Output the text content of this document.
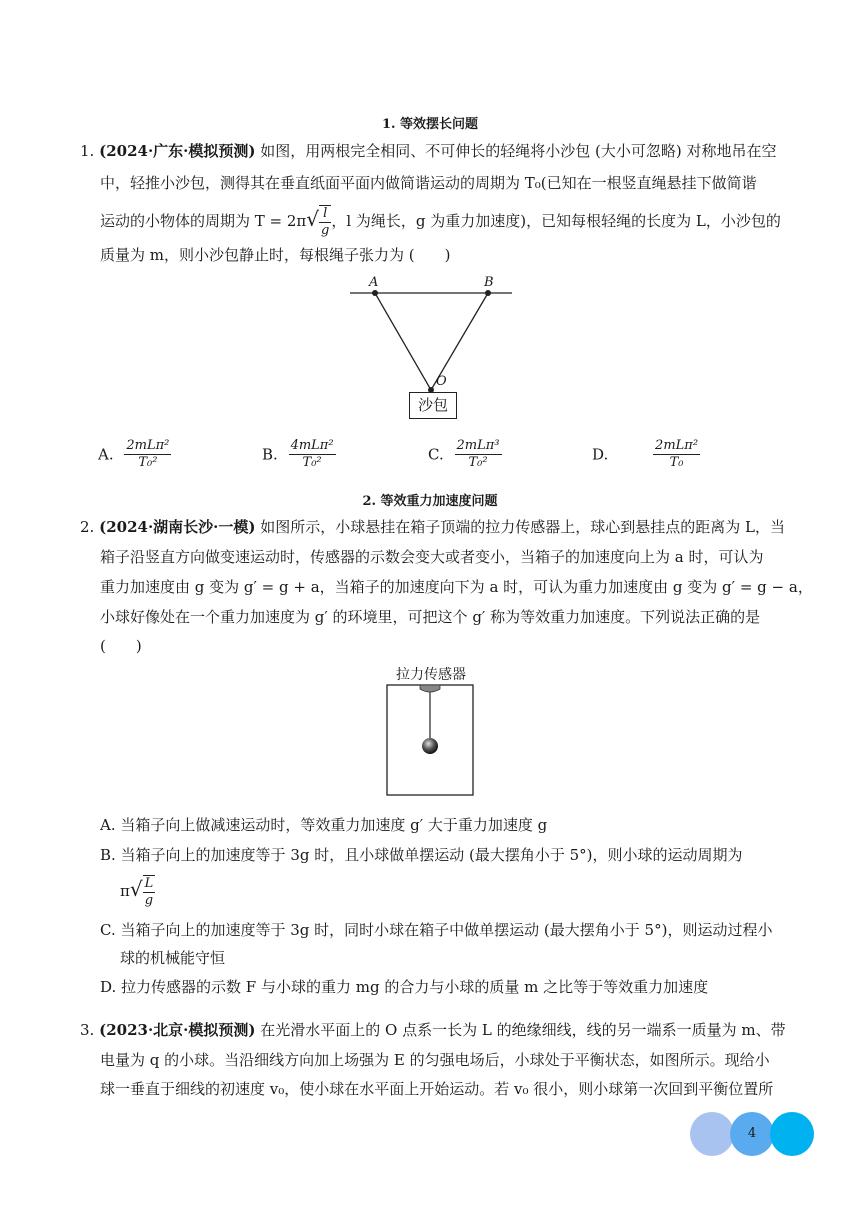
1. 等效摆长问题
1. (2024·广东·模拟预测) 如图，用两根完全相同、不可伸长的轻绳将小沙包 (大小可忽略) 对称地吊在空
中，轻推小沙包，测得其在垂直纸面平面内做简谐运动的周期为 T₀(已知在一根竖直绳悬挂下做简谐
运动的小物体的周期为 $T = 2\pi√ \frac{l}{g}$ ，l 为绳长，g 为重力加速度)，已知每根轻绳的长度为 L，小沙包的
质量为 m，则小沙包静止时，每根绳子张力为 (　　)
A	B
O
沙包
A. $\frac{\text{2mLπ²}}{\text{T₀²}}$	B. $\frac{\text{4mLπ²}}{\text{T₀²}}$	C. $\frac{\text{2mLπ³}}{\text{T₀²}}$	D.	$\frac{\text{2mLπ²}}{\text{T₀}}$
2. 等效重力加速度问题
2. (2024·湖南长沙·一模) 如图所示，小球悬挂在箱子顶端的拉力传感器上，球心到悬挂点的距离为 L，当
箱子沿竖直方向做变速运动时，传感器的示数会变大或者变小，当箱子的加速度向上为 a 时，可认为
重力加速度由 g 变为 g′ = g + a，当箱子的加速度向下为 a 时，可认为重力加速度由 g 变为 g′ = g − a，
小球好像处在一个重力加速度为 g′ 的环境里，可把这个 g′ 称为等效重力加速度。下列说法正确的是
(　　)
拉力传感器
A. 当箱子向上做减速运动时，等效重力加速度 g′ 大于重力加速度 g
B. 当箱子向上的加速度等于 3g 时，且小球做单摆运动 (最大摆角小于 5°)，则小球的运动周期为
$\pi√ \frac{L}{g}$
C. 当箱子向上的加速度等于 3g 时，同时小球在箱子中做单摆运动 (最大摆角小于 5°)，则运动过程小
球的机械能守恒
D. 拉力传感器的示数 F 与小球的重力 mg 的合力与小球的质量 m 之比等于等效重力加速度
3. (2023·北京·模拟预测) 在光滑水平面上的 O 点系一长为 L 的绝缘细线，线的另一端系一质量为 m、带
电量为 q 的小球。当沿细线方向加上场强为 E 的匀强电场后，小球处于平衡状态，如图所示。现给小
球一垂直于细线的初速度 v₀，使小球在水平面上开始运动。若 v₀ 很小，则小球第一次回到平衡位置所
4
